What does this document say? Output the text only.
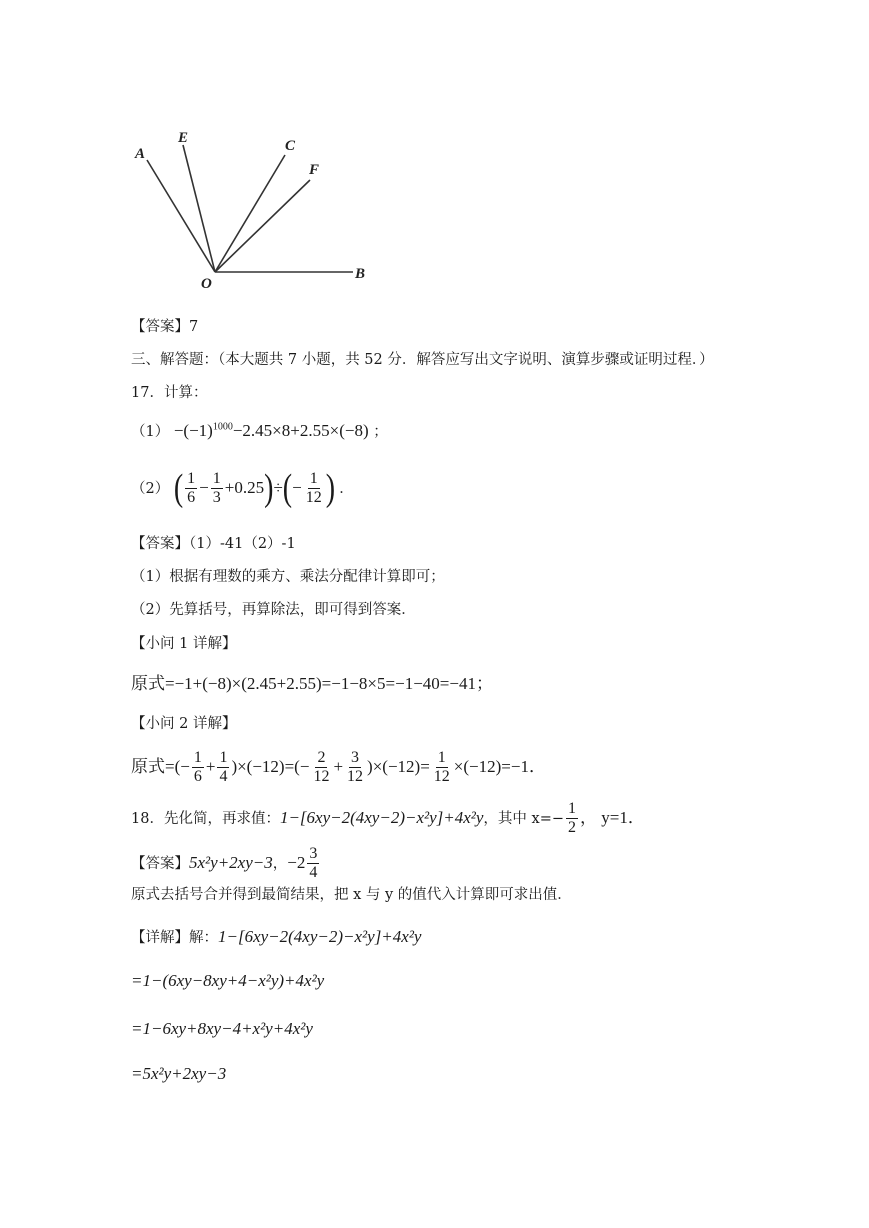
A
E	C
F
O
B
【答案】7
三、解答题：（本大题共 7 小题，共 52 分．解答应写出文字说明、演算步骤或证明过程．）
17．计算：
$(1) -(-1)^{1000}-2.45\times 8+2.55\times(-8)$ ；
（2） ( $\frac{1}{6} - \frac{1}{3} +0.25)\div(- \frac{1}{12}$ ) ．
【答案】（1）-41（2）-1
（1）根据有理数的乘方、乘法分配律计算即可；
（2）先算括号，再算除法，即可得到答案．
【小问 1 详解】
原式=−1+(−8)×(2.45+2.55)=−1−8×5=−1−40=−41；
【小问 2 详解】
原式=(− $\frac{1}{6} + \frac{1}{4} )\times(-12)=(- \frac{2}{12} + \frac{3}{12} )\times(-12)= \frac{1}{12} \times(-12)=-1$．
18．先化简，再求值：1−[6xy−2(4xy−2)−x²y]+4x²y，其中 $x=- \frac{1}{2}$ ， y=1．
【答案】5x²y+2xy−3，$-2 \frac{3}{4}$
原式去括号合并得到最简结果，把 x 与 y 的值代入计算即可求出值．
【详解】解：1−[6xy−2(4xy−2)−x²y]+4x²y
=1−(6xy−8xy+4−x²y)+4x²y
=1−6xy+8xy−4+x²y+4x²y
=5x²y+2xy−3
